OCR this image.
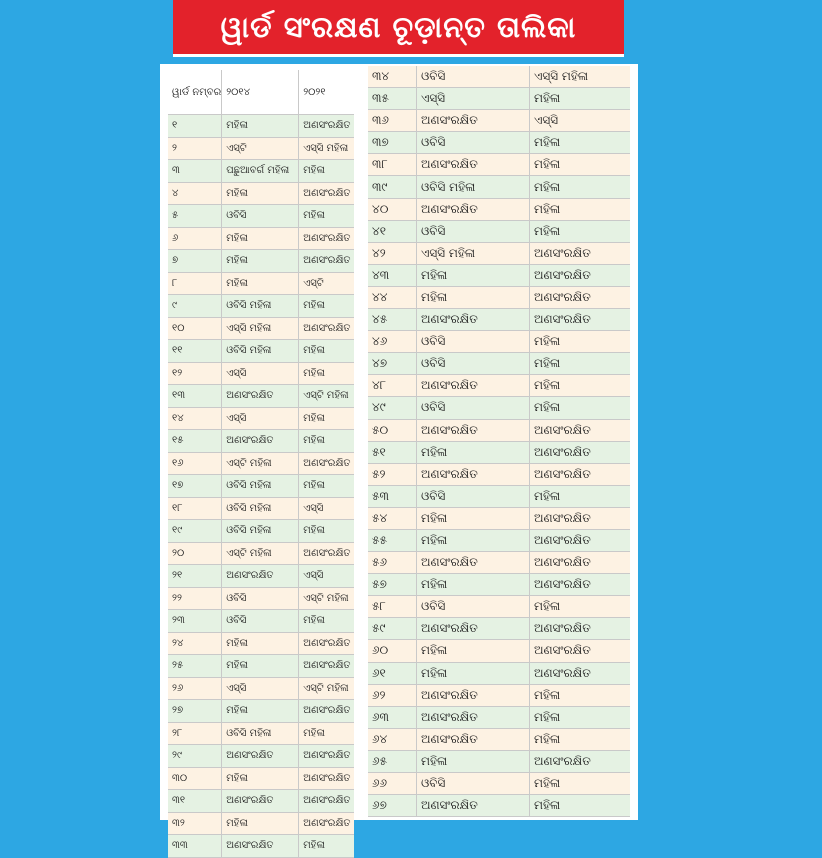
ୱାର୍ଡ ସଂରକ୍ଷଣ ଚୂଡ଼ାନ୍ତ ତାଲିକା
ୱାର୍ଡ ନମ୍ବର	୨୦୧୪	୨୦୨୧
୧	ମହିଳା	ଅଣସଂରକ୍ଷିତ
୨	ଏସ୍‌ଟି	ଏସ୍‌ସି ମହିଳା
୩	ପଛୁଆବର୍ଗ ମହିଳା	ମହିଳା
୪	ମହିଳା	ଅଣସଂରକ୍ଷିତ
୫	ଓବିସି	ମହିଳା
୬	ମହିଳା	ଅଣସଂରକ୍ଷିତ
୭	ମହିଳା	ଅଣସଂରକ୍ଷିତ
୮	ମହିଳା	ଏସ୍‌ଟି
୯	ଓବିସି ମହିଳା	ମହିଳା
୧୦	ଏସ୍‌ସି ମହିଳା	ଅଣସଂରକ୍ଷିତ
୧୧	ଓବିସି ମହିଳା	ମହିଳା
୧୨	ଏସ୍‌ସି	ମହିଳା
୧୩	ଅଣସଂରକ୍ଷିତ	ଏସ୍‌ଟି ମହିଳା
୧୪	ଏସ୍‌ସି	ମହିଳା
୧୫	ଅଣସଂରକ୍ଷିତ	ମହିଳା
୧୬	ଏସ୍‌ଟି ମହିଳା	ଅଣସଂରକ୍ଷିତ
୧୭	ଓବିସି ମହିଳା	ମହିଳା
୧୮	ଓବିସି ମହିଳା	ଏସ୍‌ସି
୧୯	ଓବିସି ମହିଳା	ମହିଳା
୨୦	ଏସ୍‌ଟି ମହିଳା	ଅଣସଂରକ୍ଷିତ
୨୧	ଅଣସଂରକ୍ଷିତ	ଏସ୍‌ସି
୨୨	ଓବିସି	ଏସ୍‌ଟି ମହିଳା
୨୩	ଓବିସି	ମହିଳା
୨୪	ମହିଳା	ଅଣସଂରକ୍ଷିତ
୨୫	ମହିଳା	ଅଣସଂରକ୍ଷିତ
୨୬	ଏସ୍‌ସି	ଏସ୍‌ଟି ମହିଳା
୨୭	ମହିଳା	ଅଣସଂରକ୍ଷିତ
୨୮	ଓବିସି ମହିଳା	ମହିଳା
୨୯	ଅଣସଂରକ୍ଷିତ	ଅଣସଂରକ୍ଷିତ
୩୦	ମହିଳା	ଅଣସଂରକ୍ଷିତ
୩୧	ଅଣସଂରକ୍ଷିତ	ଅଣସଂରକ୍ଷିତ
୩୨	ମହିଳା	ଅଣସଂରକ୍ଷିତ
୩୩	ଅଣସଂରକ୍ଷିତ	ମହିଳା
୩୪	ଓବିସି	ଏସ୍‌ସି ମହିଳା
୩୫	ଏସ୍‌ସି	ମହିଳା
୩୬	ଅଣସଂରକ୍ଷିତ	ଏସ୍‌ସି
୩୭	ଓବିସି	ମହିଳା
୩୮	ଅଣସଂରକ୍ଷିତ	ମହିଳା
୩୯	ଓବିସି ମହିଳା	ମହିଳା
୪୦	ଅଣସଂରକ୍ଷିତ	ମହିଳା
୪୧	ଓବିସି	ମହିଳା
୪୨	ଏସ୍‌ସି ମହିଳା	ଅଣସଂରକ୍ଷିତ
୪୩	ମହିଳା	ଅଣସଂରକ୍ଷିତ
୪୪	ମହିଳା	ଅଣସଂରକ୍ଷିତ
୪୫	ଅଣସଂରକ୍ଷିତ	ଅଣସଂରକ୍ଷିତ
୪୬	ଓବିସି	ମହିଳା
୪୭	ଓବିସି	ମହିଳା
୪୮	ଅଣସଂରକ୍ଷିତ	ମହିଳା
୪୯	ଓବିସି	ମହିଳା
୫୦	ଅଣସଂରକ୍ଷିତ	ଅଣସଂରକ୍ଷିତ
୫୧	ମହିଳା	ଅଣସଂରକ୍ଷିତ
୫୨	ଅଣସଂରକ୍ଷିତ	ଅଣସଂରକ୍ଷିତ
୫୩	ଓବିସି	ମହିଳା
୫୪	ମହିଳା	ଅଣସଂରକ୍ଷିତ
୫୫	ମହିଳା	ଅଣସଂରକ୍ଷିତ
୫୬	ଅଣସଂରକ୍ଷିତ	ଅଣସଂରକ୍ଷିତ
୫୭	ମହିଳା	ଅଣସଂରକ୍ଷିତ
୫୮	ଓବିସି	ମହିଳା
୫୯	ଅଣସଂରକ୍ଷିତ	ଅଣସଂରକ୍ଷିତ
୬୦	ମହିଳା	ଅଣସଂରକ୍ଷିତ
୬୧	ମହିଳା	ଅଣସଂରକ୍ଷିତ
୬୨	ଅଣସଂରକ୍ଷିତ	ମହିଳା
୬୩	ଅଣସଂରକ୍ଷିତ	ମହିଳା
୬୪	ଅଣସଂରକ୍ଷିତ	ମହିଳା
୬୫	ମହିଳା	ଅଣସଂରକ୍ଷିତ
୬୬	ଓବିସି	ମହିଳା
୬୭	ଅଣସଂରକ୍ଷିତ	ମହିଳା
